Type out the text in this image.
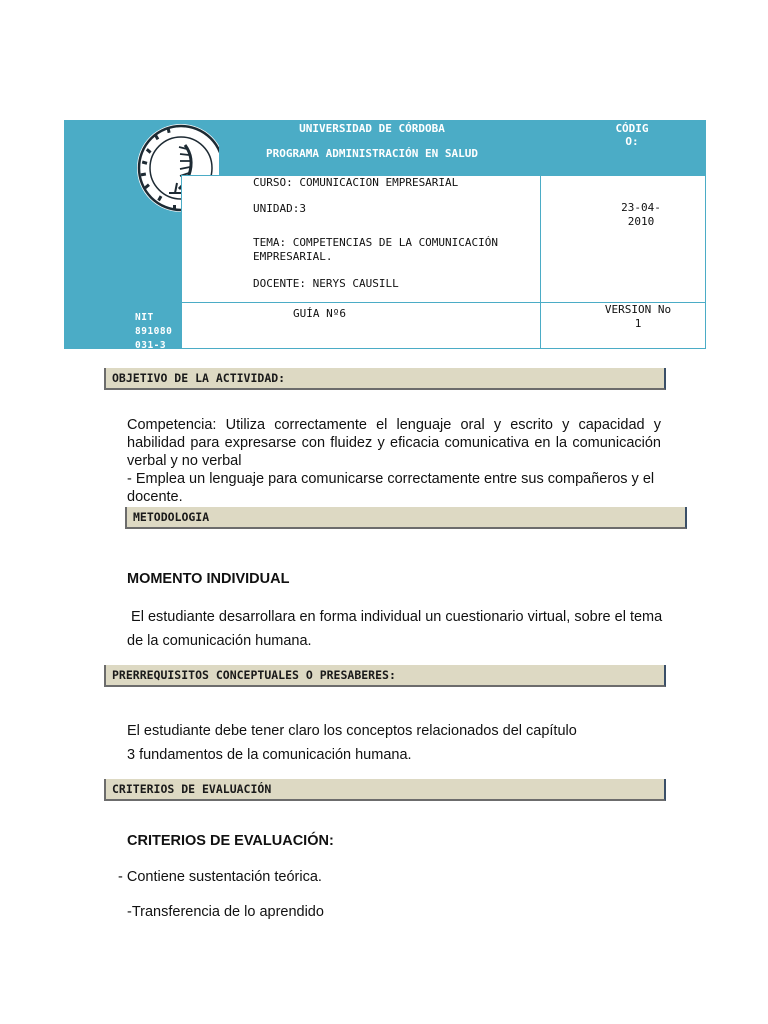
UNIVERSIDAD DE CÓRDOBA
PROGRAMA ADMINISTRACIÓN EN SALUD
CÓDIGO:
CURSO: COMUNICACION EMPRESARIAL
UNIDAD:3
TEMA: COMPETENCIAS DE LA COMUNICACIÓN EMPRESARIAL.
DOCENTE: NERYS CAUSILL
23-04-2010
GUÍA Nº6	VERSION No 1
NIT 891080 031-3
OBJETIVO DE LA ACTIVIDAD:
Competencia: Utiliza correctamente el lenguaje oral y escrito y capacidad y habilidad para expresarse con fluidez y eficacia comunicativa en la comunicación verbal y no verbal
- Emplea un lenguaje para comunicarse correctamente entre sus compañeros y el docente.
METODOLOGIA
MOMENTO INDIVIDUAL
El estudiante desarrollara en forma individual un cuestionario virtual, sobre el tema de la comunicación humana.
PRERREQUISITOS CONCEPTUALES O PRESABERES:
El estudiante debe tener claro los conceptos relacionados del capítulo 3 fundamentos de la comunicación humana.
CRITERIOS DE EVALUACIÓN
CRITERIOS DE EVALUACIÓN:
- Contiene sustentación teórica.
-Transferencia de lo aprendido
